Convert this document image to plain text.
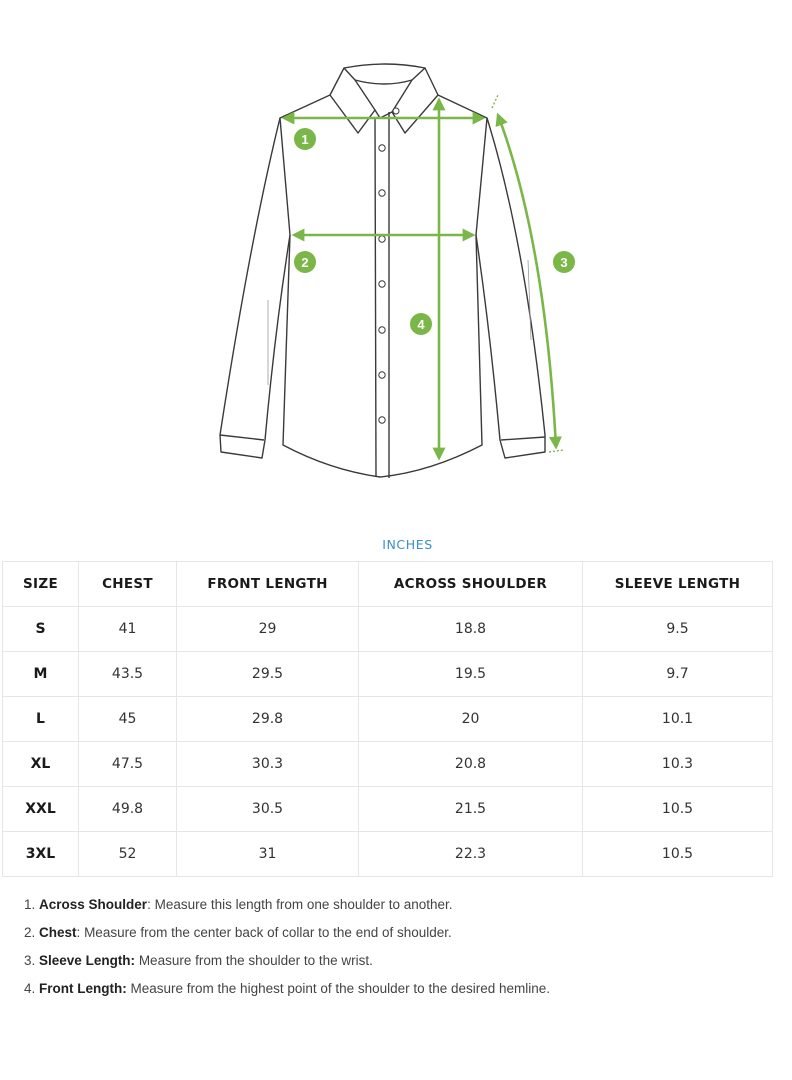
1
2	3
4
INCHES
SIZE	CHEST	FRONT LENGTH	ACROSS SHOULDER	SLEEVE LENGTH
S	41	29	18.8	9.5
M	43.5	29.5	19.5	9.7
L	45	29.8	20	10.1
XL	47.5	30.3	20.8	10.3
XXL	49.8	30.5	21.5	10.5
3XL	52	31	22.3	10.5
1. Across Shoulder: Measure this length from one shoulder to another.
2. Chest: Measure from the center back of collar to the end of shoulder.
3. Sleeve Length: Measure from the shoulder to the wrist.
4. Front Length: Measure from the highest point of the shoulder to the desired hemline.
